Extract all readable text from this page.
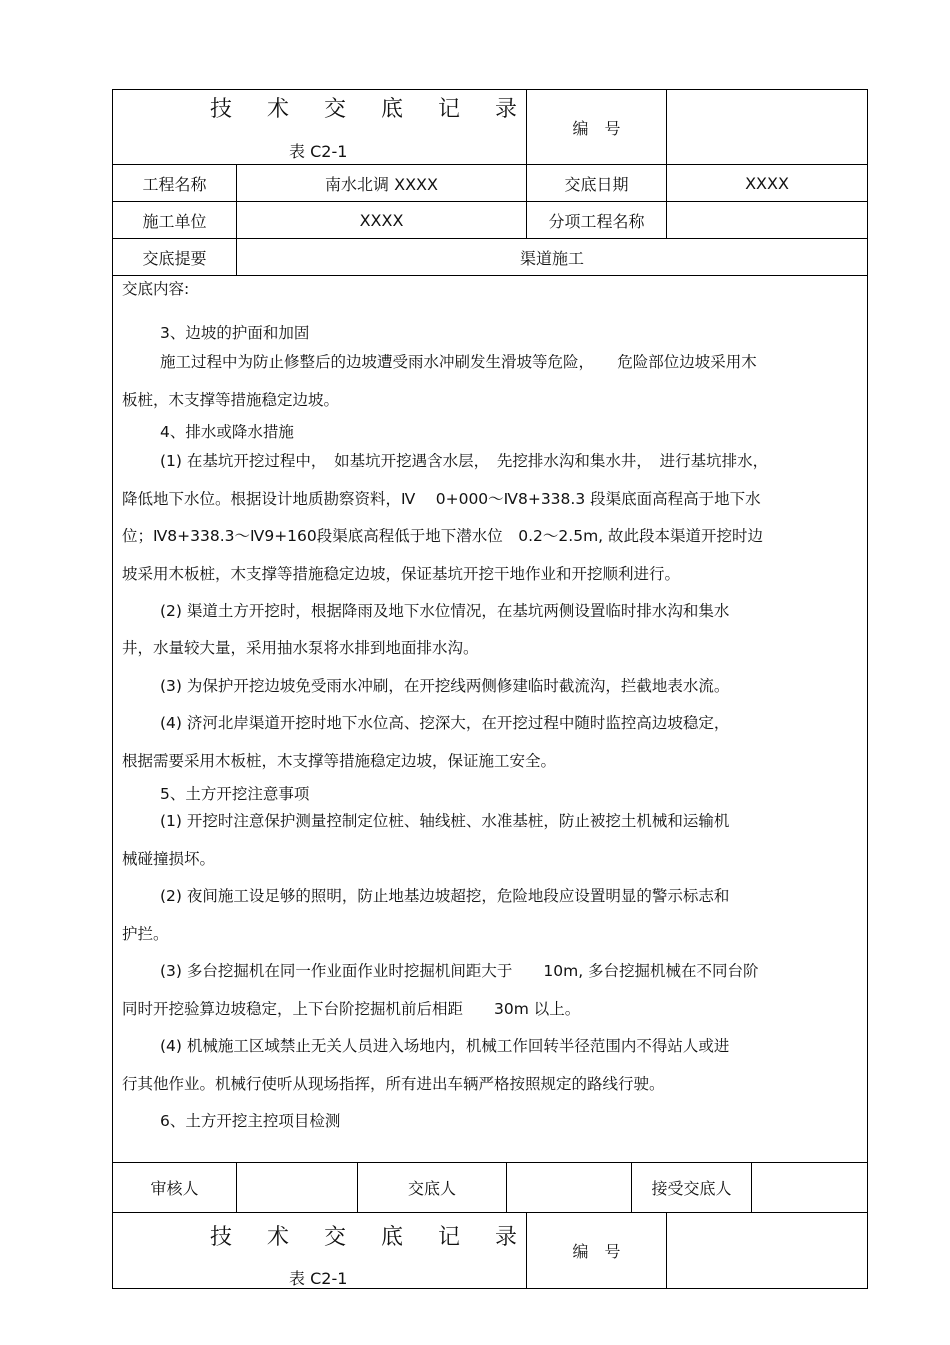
技 术 交 底 记 录
表 C2-1
编　号
工程名称	南水北调 XXXX	交底日期	XXXX
施工单位	XXXX	分项工程名称
交底提要	渠道施工
交底内容:
3、边坡的护面和加固
施工过程中为防止修整后的边坡遭受雨水冲刷发生滑坡等危险，　　危险部位边坡采用木
板桩，木支撑等措施稳定边坡。
4、排水或降水措施
(1) 在基坑开挖过程中，　如基坑开挖遇含水层，　先挖排水沟和集水井，　进行基坑排水，
降低地下水位。根据设计地质勘察资料，Ⅳ　 0+000～Ⅳ8+338.3 段渠底面高程高于地下水
位；Ⅳ8+338.3～Ⅳ9+160段渠底高程低于地下潜水位　0.2～2.5m, 故此段本渠道开挖时边
坡采用木板桩，木支撑等措施稳定边坡，保证基坑开挖干地作业和开挖顺利进行。
(2) 渠道土方开挖时，根据降雨及地下水位情况，在基坑两侧设置临时排水沟和集水
井，水量较大量，采用抽水泵将水排到地面排水沟。
(3) 为保护开挖边坡免受雨水冲刷，在开挖线两侧修建临时截流沟，拦截地表水流。
(4) 济河北岸渠道开挖时地下水位高、挖深大，在开挖过程中随时监控高边坡稳定，
根据需要采用木板桩，木支撑等措施稳定边坡，保证施工安全。
5、土方开挖注意事项
(1) 开挖时注意保护测量控制定位桩、轴线桩、水准基桩，防止被挖土机械和运输机
械碰撞损坏。
(2) 夜间施工设足够的照明，防止地基边坡超挖，危险地段应设置明显的警示标志和
护拦。
(3) 多台挖掘机在同一作业面作业时挖掘机间距大于　　10m, 多台挖掘机械在不同台阶
同时开挖验算边坡稳定，上下台阶挖掘机前后相距　　30m 以上。
(4) 机械施工区域禁止无关人员进入场地内，机械工作回转半径范围内不得站人或进
行其他作业。机械行使听从现场指挥，所有进出车辆严格按照规定的路线行驶。
6、土方开挖主控项目检测
审核人	交底人	接受交底人
技 术 交 底 记 录
表 C2-1
编　号
